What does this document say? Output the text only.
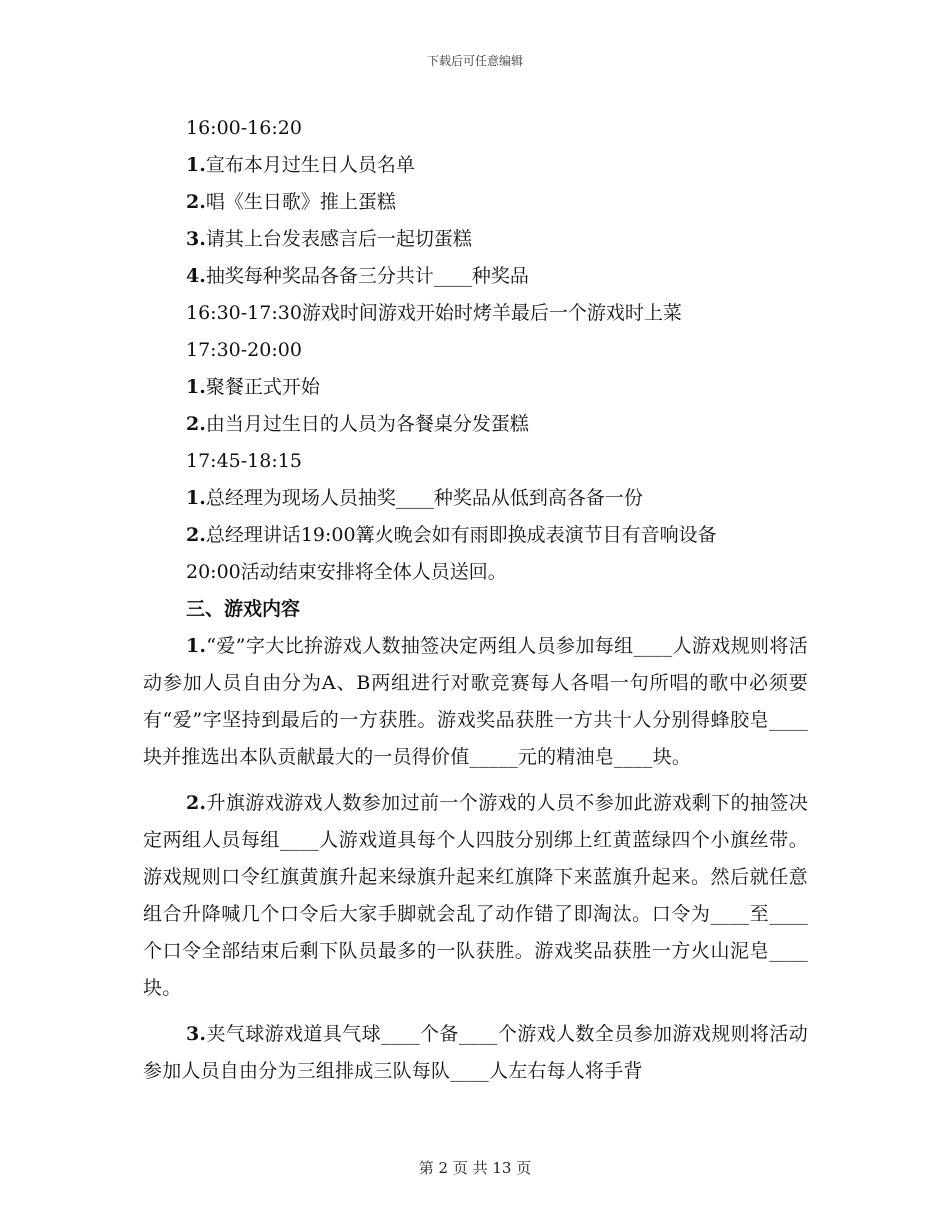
下载后可任意编辑
16:00-16:20
1.宣布本月过生日人员名单
2.唱《生日歌》推上蛋糕
3.请其上台发表感言后一起切蛋糕
4.抽奖每种奖品各备三分共计____种奖品
16:30-17:30游戏时间游戏开始时烤羊最后一个游戏时上菜
17:30-20:00
1.聚餐正式开始
2.由当月过生日的人员为各餐桌分发蛋糕
17:45-18:15
1.总经理为现场人员抽奖____种奖品从低到高各备一份
2.总经理讲话19:00篝火晚会如有雨即换成表演节目有音响设备
20:00活动结束安排将全体人员送回。
三、游戏内容
1.“爱”字大比拚游戏人数抽签决定两组人员参加每组____人游戏规则将活动参加人员自由分为A、B两组进行对歌竞赛每人各唱一句所唱的歌中必须要有“爱”字坚持到最后的一方获胜。游戏奖品获胜一方共十人分别得蜂胶皂____块并推选出本队贡献最大的一员得价值_____元的精油皂____块。
2.升旗游戏游戏人数参加过前一个游戏的人员不参加此游戏剩下的抽签决定两组人员每组____人游戏道具每个人四肢分别绑上红黄蓝绿四个小旗丝带。游戏规则口令红旗黄旗升起来绿旗升起来红旗降下来蓝旗升起来。然后就任意组合升降喊几个口令后大家手脚就会乱了动作错了即淘汰。口令为____至____个口令全部结束后剩下队员最多的一队获胜。游戏奖品获胜一方火山泥皂____块。
3.夹气球游戏道具气球____个备____个游戏人数全员参加游戏规则将活动参加人员自由分为三组排成三队每队____人左右每人将手背
第 2 页 共 13 页
